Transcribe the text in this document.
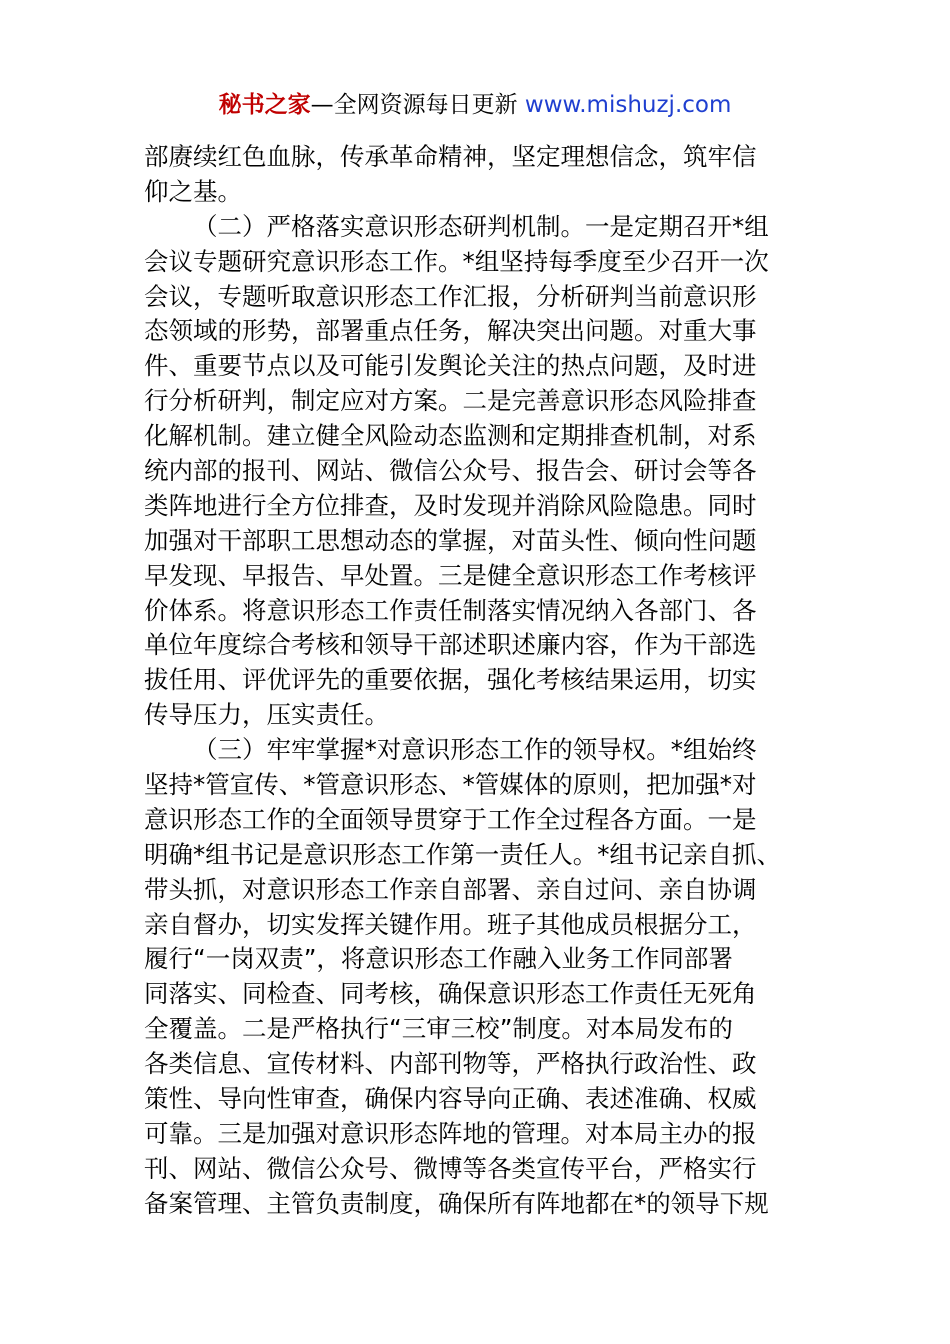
秘书之家—全网资源每日更新 www.mishuzj.com
部赓续红色血脉，传承革命精神，坚定理想信念，筑牢信
仰之基。
（二）严格落实意识形态研判机制。一是定期召开*组
会议专题研究意识形态工作。*组坚持每季度至少召开一次
会议，专题听取意识形态工作汇报，分析研判当前意识形
态领域的形势，部署重点任务，解决突出问题。对重大事
件、重要节点以及可能引发舆论关注的热点问题，及时进
行分析研判，制定应对方案。二是完善意识形态风险排查
化解机制。建立健全风险动态监测和定期排查机制，对系
统内部的报刊、网站、微信公众号、报告会、研讨会等各
类阵地进行全方位排查，及时发现并消除风险隐患。同时
加强对干部职工思想动态的掌握，对苗头性、倾向性问题
早发现、早报告、早处置。三是健全意识形态工作考核评
价体系。将意识形态工作责任制落实情况纳入各部门、各
单位年度综合考核和领导干部述职述廉内容，作为干部选
拔任用、评优评先的重要依据，强化考核结果运用，切实
传导压力，压实责任。
（三）牢牢掌握*对意识形态工作的领导权。*组始终
坚持*管宣传、*管意识形态、*管媒体的原则，把加强*对
意识形态工作的全面领导贯穿于工作全过程各方面。一是
明确*组书记是意识形态工作第一责任人。*组书记亲自抓、
带头抓，对意识形态工作亲自部署、亲自过问、亲自协调
亲自督办，切实发挥关键作用。班子其他成员根据分工，
履行“一岗双责”，将意识形态工作融入业务工作同部署
同落实、同检查、同考核，确保意识形态工作责任无死角
全覆盖。二是严格执行“三审三校”制度。对本局发布的
各类信息、宣传材料、内部刊物等，严格执行政治性、政
策性、导向性审查，确保内容导向正确、表述准确、权威
可靠。三是加强对意识形态阵地的管理。对本局主办的报
刊、网站、微信公众号、微博等各类宣传平台，严格实行
备案管理、主管负责制度，确保所有阵地都在*的领导下规
